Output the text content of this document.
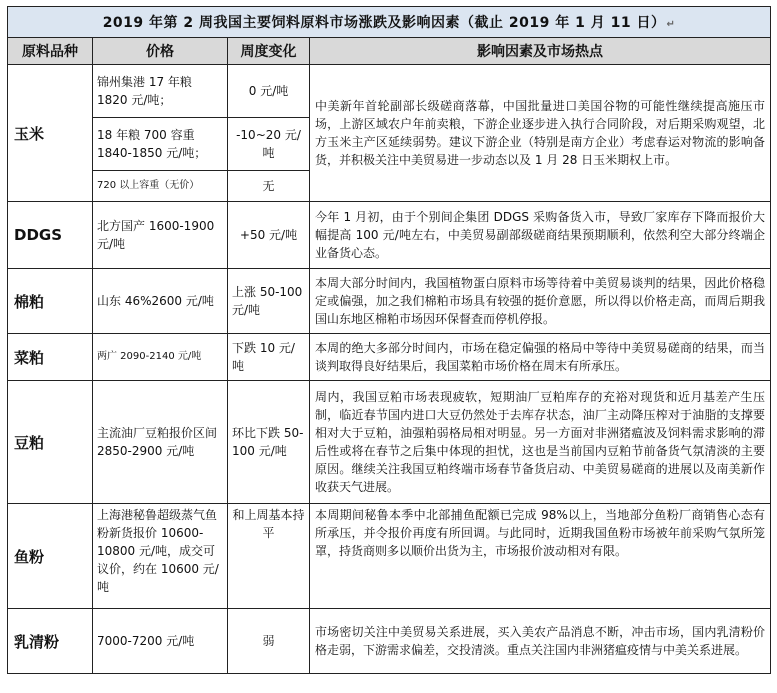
2019 年第 2 周我国主要饲料原料市场涨跌及影响因素（截止 2019 年 1 月 11 日）↵			
原料品种	价格	周度变化	影响因素及市场热点
玉米	锦州集港 17 年粮 1820 元/吨；	0 元/吨	中美新年首轮副部长级磋商落幕，中国批量进口美国谷物的可能性继续提高施压市场，上游区域农户年前卖粮，下游企业逐步进入执行合同阶段，对后期采购观望，北方玉米主产区延续弱势。建议下游企业（特别是南方企业）考虑春运对物流的影响备货，并积极关注中美贸易进一步动态以及 1 月 28 日玉米期权上市。
	18 年粮 700 容重 1840-1850 元/吨；	-10~20 元/吨	
	720 以上容重（无价）	无	
DDGS	北方国产 1600-1900 元/吨	+50 元/吨	今年 1 月初，由于个别间企集团 DDGS 采购备货入市，导致厂家库存下降而报价大幅提高 100 元/吨左右，中美贸易副部级磋商结果预期顺利，依然利空大部分终端企业备货心态。
棉粕	山东 46%2600 元/吨	上涨 50-100 元/吨	本周大部分时间内，我国植物蛋白原料市场等待着中美贸易谈判的结果，因此价格稳定或偏强，加之我们棉粕市场具有较强的挺价意愿，所以得以价格走高，而周后期我国山东地区棉粕市场因环保督查而停机停报。
菜粕	两广 2090-2140 元/吨	下跌 10 元/吨	本周的绝大多部分时间内，市场在稳定偏强的格局中等待中美贸易磋商的结果，而当谈判取得良好结果后，我国菜粕市场价格在周末有所承压。
豆粕	主流油厂豆粕报价区间 2850-2900 元/吨	环比下跌 50-100 元/吨	周内，我国豆粕市场表现疲软，短期油厂豆粕库存的充裕对现货和近月基差产生压制，临近春节国内进口大豆仍然处于去库存状态，油厂主动降压榨对于油脂的支撑要相对大于豆粕，油强粕弱格局相对明显。另一方面对非洲猪瘟波及饲料需求影响的滞后性或将在春节之后集中体现的担忧，这也是当前国内豆粕节前备货气氛清淡的主要原因。继续关注我国豆粕终端市场春节备货启动、中美贸易磋商的进展以及南美新作收获天气进展。
鱼粉	上海港秘鲁超级蒸气鱼粉新货报价 10600-10800 元/吨，成交可议价，约在 10600 元/吨	和上周基本持平	本周期间秘鲁本季中北部捕鱼配额已完成 98%以上，当地部分鱼粉厂商销售心态有所承压，并令报价再度有所回调。与此同时，近期我国鱼粉市场被年前采购气氛所笼罩，持货商则多以顺价出货为主，市场报价波动相对有限。
乳清粉	7000-7200 元/吨	弱	市场密切关注中美贸易关系进展，买入美农产品消息不断，冲击市场，国内乳清粉价格走弱，下游需求偏差，交投清淡。重点关注国内非洲猪瘟疫情与中美关系进展。
